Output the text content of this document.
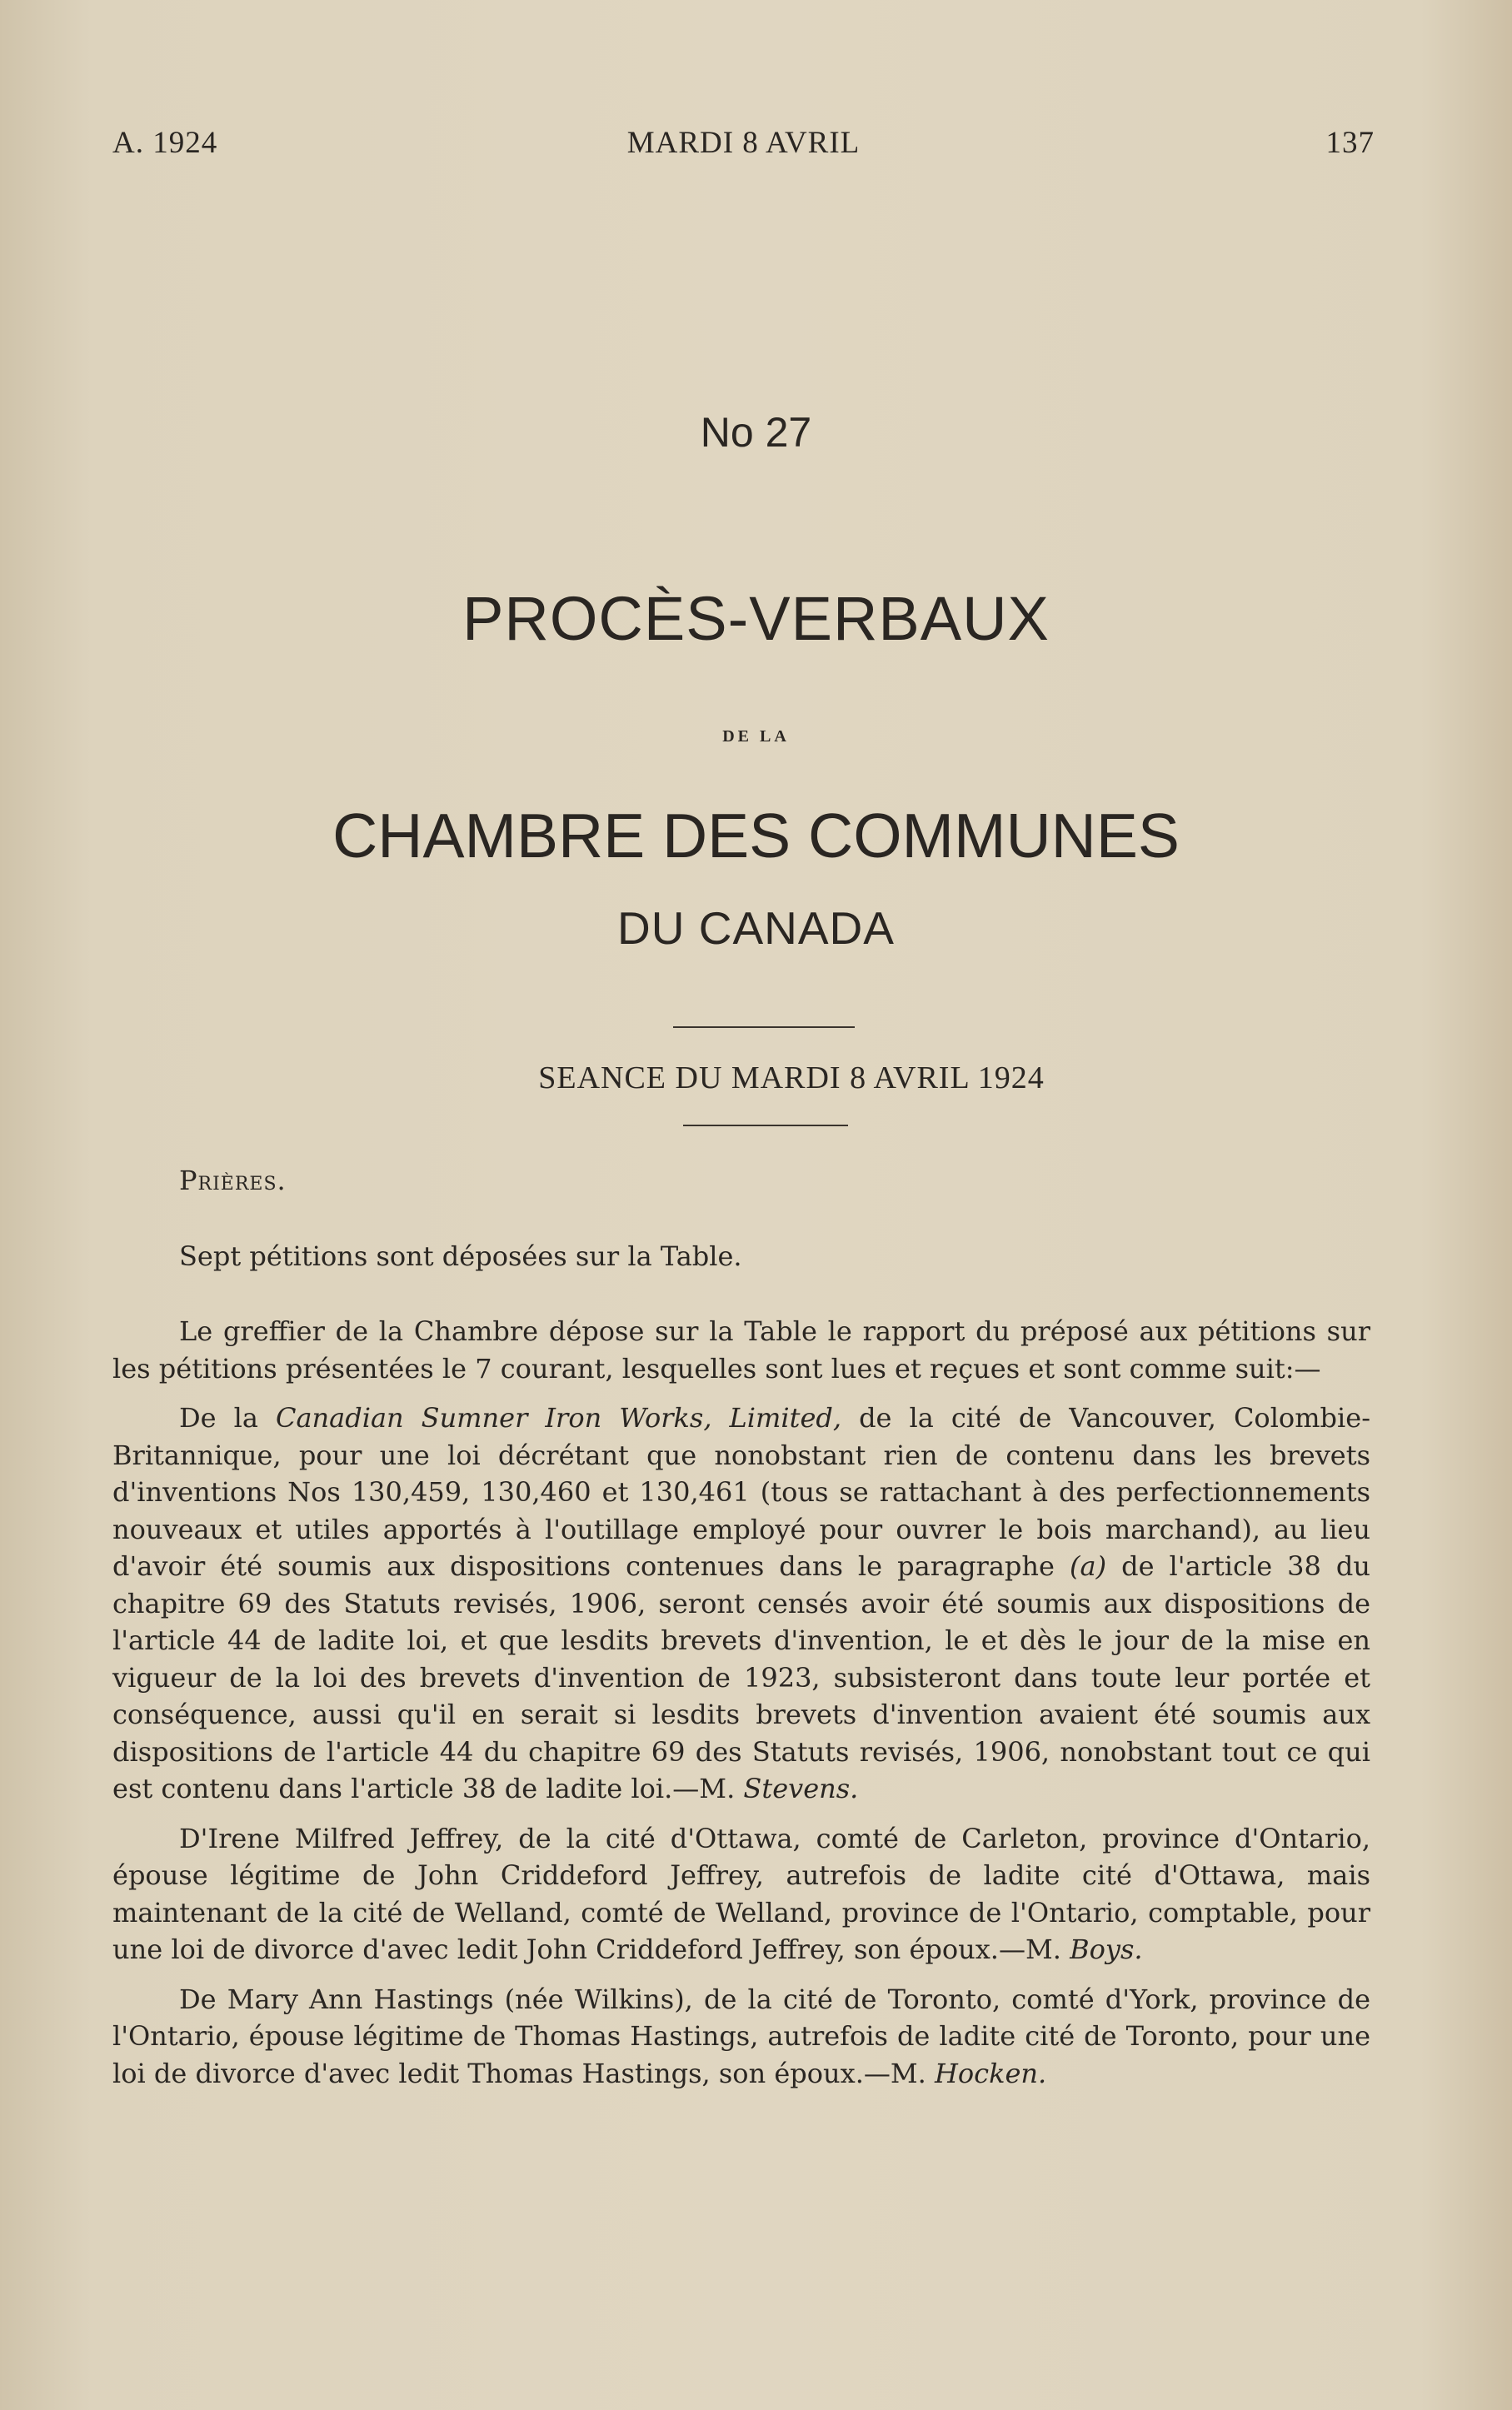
A. 1924	MARDI 8 AVRIL	137
No 27
PROCÈS-VERBAUX
DE LA
CHAMBRE DES COMMUNES
DU CANADA
SEANCE DU MARDI 8 AVRIL 1924

Prières.

Sept pétitions sont déposées sur la Table.

Le greffier de la Chambre dépose sur la Table le rapport du préposé aux pétitions sur les pétitions présentées le 7 courant, lesquelles sont lues et reçues et sont comme suit:—

De la Canadian Sumner Iron Works, Limited, de la cité de Vancouver, Colombie-Britannique, pour une loi décrétant que nonobstant rien de contenu dans les brevets d'inventions Nos 130,459, 130,460 et 130,461 (tous se rattachant à des perfectionnements nouveaux et utiles apportés à l'outillage employé pour ouvrer le bois marchand), au lieu d'avoir été soumis aux dispositions contenues dans le paragraphe (a) de l'article 38 du chapitre 69 des Statuts revisés, 1906, seront censés avoir été soumis aux dispositions de l'article 44 de ladite loi, et que lesdits brevets d'invention, le et dès le jour de la mise en vigueur de la loi des brevets d'invention de 1923, subsisteront dans toute leur portée et conséquence, aussi qu'il en serait si lesdits brevets d'invention avaient été soumis aux dispositions de l'article 44 du chapitre 69 des Statuts revisés, 1906, nonobstant tout ce qui est contenu dans l'article 38 de ladite loi.—M. Stevens.

D'Irene Milfred Jeffrey, de la cité d'Ottawa, comté de Carleton, province d'Ontario, épouse légitime de John Criddeford Jeffrey, autrefois de ladite cité d'Ottawa, mais maintenant de la cité de Welland, comté de Welland, province de l'Ontario, comptable, pour une loi de divorce d'avec ledit John Criddeford Jeffrey, son époux.—M. Boys.

De Mary Ann Hastings (née Wilkins), de la cité de Toronto, comté d'York, province de l'Ontario, épouse légitime de Thomas Hastings, autrefois de ladite cité de Toronto, pour une loi de divorce d'avec ledit Thomas Hastings, son époux.—M. Hocken.
